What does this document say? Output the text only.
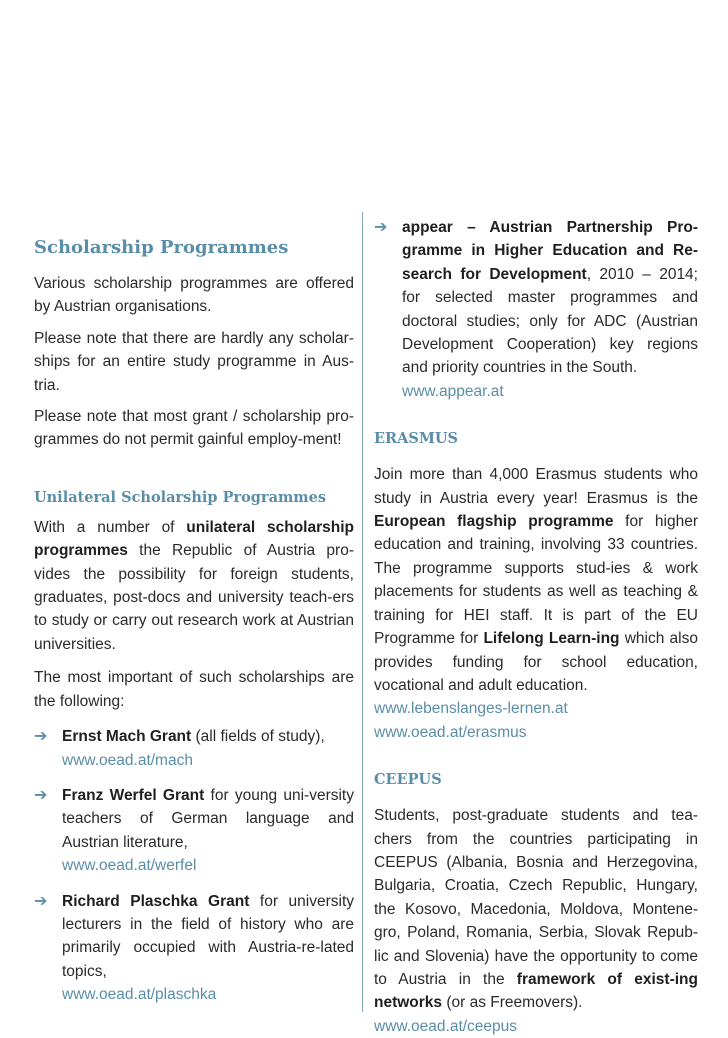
Scholarship Programmes

Various scholarship programmes are offered by Austrian organisations.

Please note that there are hardly any scholar-ships for an entire study programme in Aus-tria.

Please note that most grant / scholarship pro-grammes do not permit gainful employ-ment!

Unilateral Scholarship Programmes

With a number of unilateral scholarship programmes the Republic of Austria pro-vides the possibility for foreign students, graduates, post-docs and university teach-ers to study or carry out research work at Austrian universities.

The most important of such scholarships are the following:

➔ Ernst Mach Grant (all fields of study),

www.oead.at/mach
➔ Franz Werfel Grant for young uni-versity teachers of German language and Austrian literature,

www.oead.at/werfel
➔ Richard Plaschka Grant for university lecturers in the field of history who are primarily occupied with Austria-re-lated topics,

www.oead.at/plaschka
➔ appear – Austrian Partnership Pro-gramme in Higher Education and Re-search for Development, 2010 – 2014; for selected master programmes and doctoral studies; only for ADC (Austrian Development Cooperation) key regions and priority countries in the South.

www.appear.at
ERASMUS

Join more than 4,000 Erasmus students who study in Austria every year! Erasmus is the European flagship programme for higher education and training, involving 33 countries. The programme supports stud-ies & work placements for students as well as teaching & training for HEI staff. It is part of the EU Programme for Lifelong Learn-ing which also provides funding for school education, vocational and adult education.

www.lebenslanges-lernen.at
www.oead.at/erasmus
CEEPUS

Students, post-graduate students and tea-chers from the countries participating in CEEPUS (Albania, Bosnia and Herzegovina, Bulgaria, Croatia, Czech Republic, Hungary, the Kosovo, Macedonia, Moldova, Montene-gro, Poland, Romania, Serbia, Slovak Repub-lic and Slovenia) have the opportunity to come to Austria in the framework of exist-ing networks (or as Freemovers).

www.oead.at/ceepus
